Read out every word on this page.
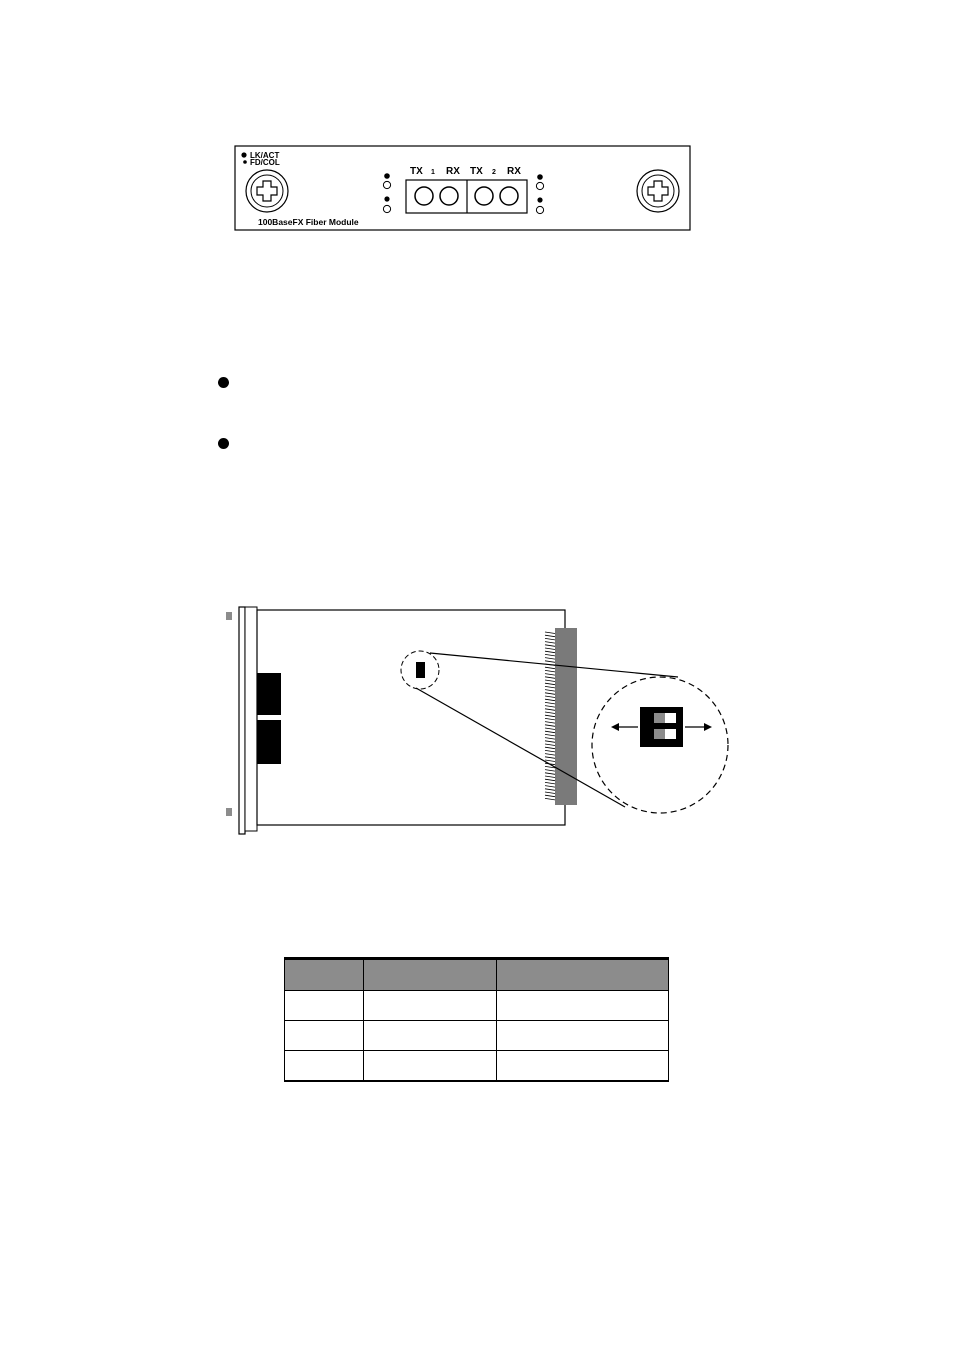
LK/ACT
FD/COL
TX 1 RX TX 2 RX
100BaseFX Fiber Module
